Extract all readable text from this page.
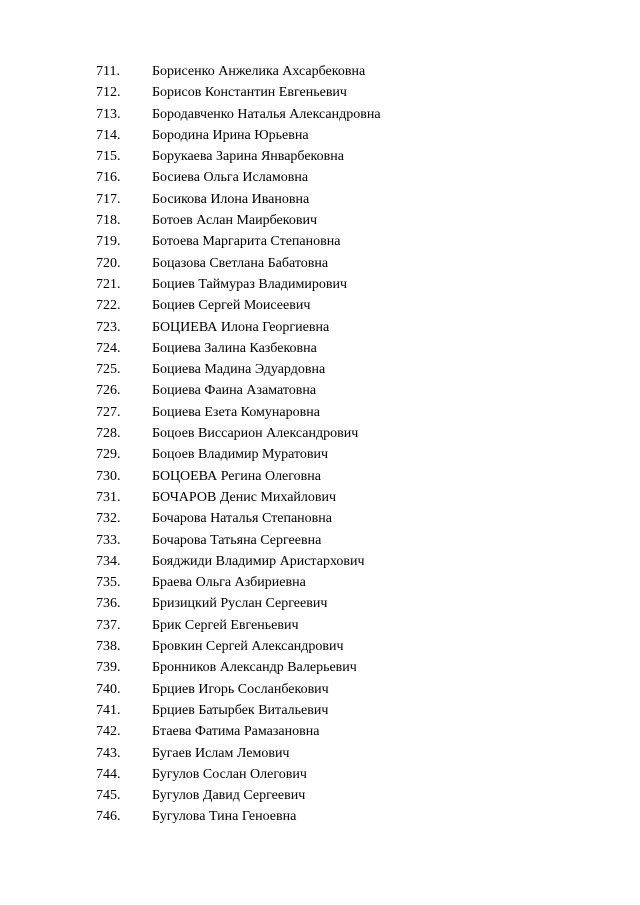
711. Борисенко Анжелика Ахсарбековна
712. Борисов Константин Евгеньевич
713. Бородавченко Наталья Александровна
714. Бородина Ирина Юрьевна
715. Борукаева Зарина Январбековна
716. Босиева Ольга Исламовна
717. Босикова Илона Ивановна
718. Ботоев Аслан Маирбекович
719. Ботоева Маргарита Степановна
720. Боцазова Светлана Бабатовна
721. Боциев Таймураз Владимирович
722. Боциев Сергей Моисеевич
723. БОЦИЕВА Илона Георгиевна
724. Боциева Залина Казбековна
725. Боциева Мадина Эдуардовна
726. Боциева Фаина Азаматовна
727. Боциева Езета Комунаровна
728. Боцоев Виссарион Александрович
729. Боцоев Владимир Муратович
730. БОЦОЕВА Регина Олеговна
731. БОЧАРОВ Денис Михайлович
732. Бочарова Наталья Степановна
733. Бочарова Татьяна Сергеевна
734. Бояджиди Владимир Аристархович
735. Браева Ольга Азбириевна
736. Бризицкий Руслан Сергеевич
737. Брик Сергей Евгеньевич
738. Бровкин Сергей Александрович
739. Бронников Александр Валерьевич
740. Брциев Игорь Сосланбекович
741. Брциев Батырбек Витальевич
742. Бтаева Фатима Рамазановна
743. Бугаев Ислам Лемович
744. Бугулов Сослан Олегович
745. Бугулов Давид Сергеевич
746. Бугулова Тина Геноевна
